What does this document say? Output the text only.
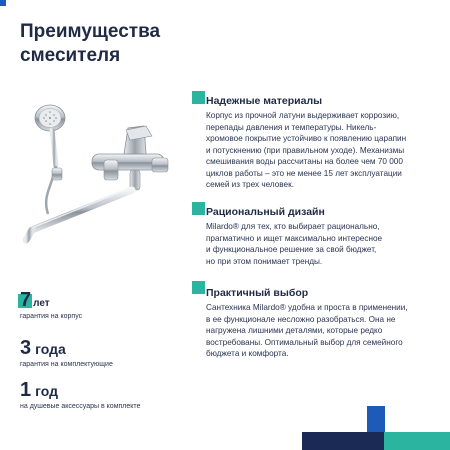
Преимущества
смесителя
Надежные материалы

Корпус из прочной латуни выдерживает коррозию,
перепады давления и температуры. Никель-
хромовое покрытие устойчиво к появлению царапин
и потускнению (при правильном уходе). Механизмы
смешивания воды рассчитаны на более чем 70 000
циклов работы – это не менее 15 лет эксплуатации
семей из трех человек.

Рациональный дизайн

Milardo® для тех, кто выбирает рационально,
прагматично и ищет максимально интересное
и функциональное решение за свой бюджет,
но при этом понимает тренды.

Практичный выбор

Сантехника Milardo® удобна и проста в применении,
в ее функционале несложно разобраться. Она не
нагружена лишними деталями, которые редко
востребованы. Оптимальный выбор для семейного
бюджета и комфорта.

7 лет
гарантия на корпус
3 года
гарантия на комплектующие
1 год
на душевые аксессуары в комплекте
